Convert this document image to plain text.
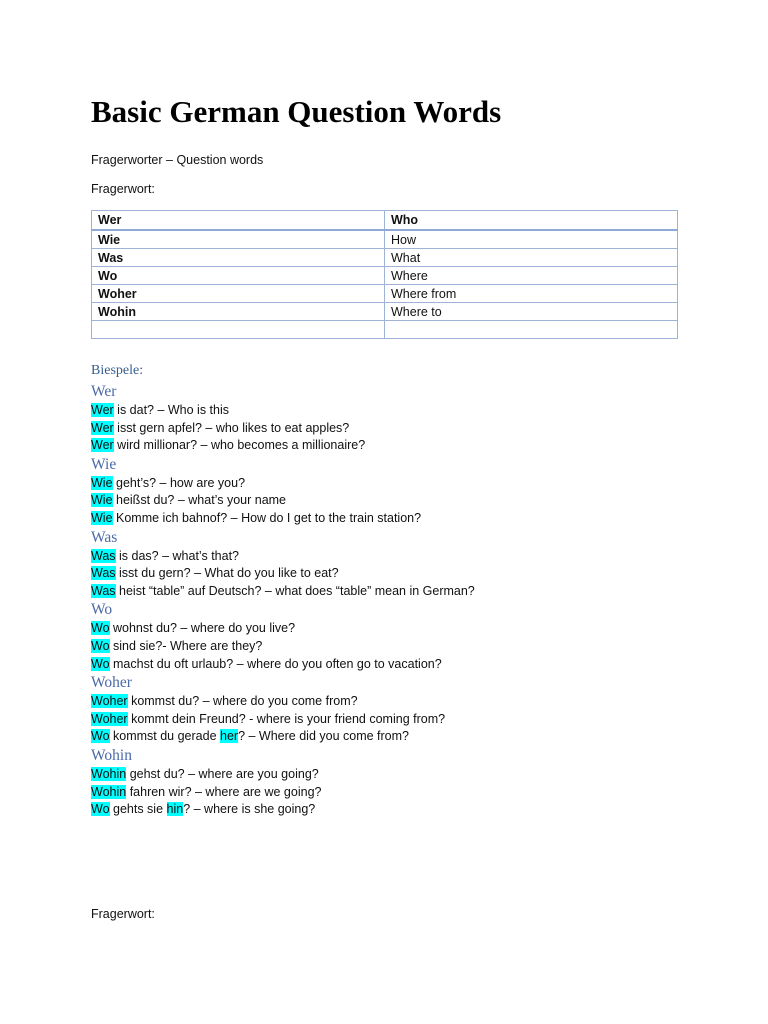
Basic German Question Words
Fragerworter – Question words
Fragerwort:
Wer	Who
Wie	How
Was	What
Wo	Where
Woher	Where from
Wohin	Where to

Biespele:
Wer
Wer is dat? – Who is this
Wer isst gern apfel? – who likes to eat apples?
Wer wird millionar? – who becomes a millionaire?
Wie
Wie geht’s? – how are you?
Wie heißst du? – what’s your name
Wie Komme ich bahnof? – How do I get to the train station?
Was
Was is das? – what’s that?
Was isst du gern? – What do you like to eat?
Was heist “table” auf Deutsch? – what does “table” mean in German?
Wo
Wo wohnst du? – where do you live?
Wo sind sie?- Where are they?
Wo machst du oft urlaub? – where do you often go to vacation?
Woher
Woher kommst du? – where do you come from?
Woher kommt dein Freund? - where is your friend coming from?
Wo kommst du gerade her? – Where did you come from?
Wohin
Wohin gehst du? – where are you going?
Wohin fahren wir? – where are we going?
Wo gehts sie hin? – where is she going?
Fragerwort:
